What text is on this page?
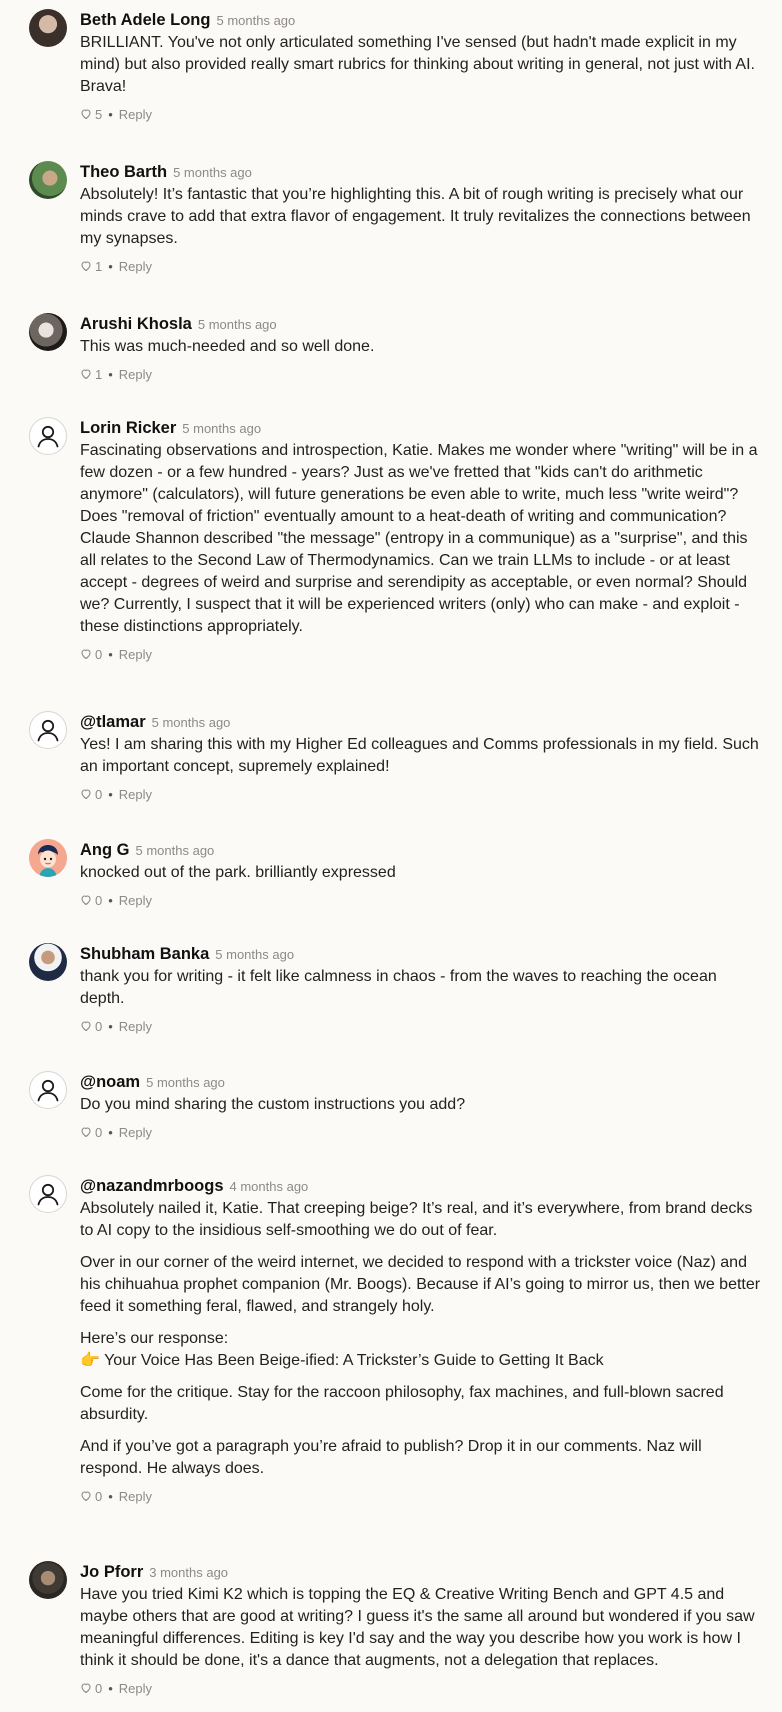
Beth Adele Long 5 months ago

BRILLIANT. You've not only articulated something I've sensed (but hadn't made explicit in my mind) but also provided really smart rubrics for thinking about writing in general, not just with AI. Brava!

5 • Reply
Theo Barth 5 months ago

Absolutely! It’s fantastic that you’re highlighting this. A bit of rough writing is precisely what our minds crave to add that extra flavor of engagement. It truly revitalizes the connections between my synapses.

1 • Reply
Arushi Khosla 5 months ago

This was much-needed and so well done.

1 • Reply
Lorin Ricker 5 months ago

Fascinating observations and introspection, Katie. Makes me wonder where "writing" will be in a few dozen - or a few hundred - years? Just as we've fretted that "kids can't do arithmetic anymore" (calculators), will future generations be even able to write, much less "write weird"? Does "removal of friction" eventually amount to a heat-death of writing and communication? Claude Shannon described "the message" (entropy in a communique) as a "surprise", and this all relates to the Second Law of Thermodynamics. Can we train LLMs to include - or at least accept - degrees of weird and surprise and serendipity as acceptable, or even normal? Should we? Currently, I suspect that it will be experienced writers (only) who can make - and exploit - these distinctions appropriately.

0 • Reply
@tlamar 5 months ago

Yes! I am sharing this with my Higher Ed colleagues and Comms professionals in my field. Such an important concept, supremely explained!

0 • Reply
Ang G 5 months ago

knocked out of the park. brilliantly expressed

0 • Reply
Shubham Banka 5 months ago

thank you for writing - it felt like calmness in chaos - from the waves to reaching the ocean depth.

0 • Reply
@noam 5 months ago

Do you mind sharing the custom instructions you add?

0 • Reply
@nazandmrboogs 4 months ago

Absolutely nailed it, Katie. That creeping beige? It’s real, and it’s everywhere, from brand decks to AI copy to the insidious self-smoothing we do out of fear.

Over in our corner of the weird internet, we decided to respond with a trickster voice (Naz) and his chihuahua prophet companion (Mr. Boogs). Because if AI’s going to mirror us, then we better feed it something feral, flawed, and strangely holy.

Here’s our response:
👉 Your Voice Has Been Beige-ified: A Trickster’s Guide to Getting It Back

Come for the critique. Stay for the raccoon philosophy, fax machines, and full-blown sacred absurdity.

And if you’ve got a paragraph you’re afraid to publish? Drop it in our comments. Naz will respond. He always does.

0 • Reply
Jo Pforr 3 months ago

Have you tried Kimi K2 which is topping the EQ & Creative Writing Bench and GPT 4.5 and maybe others that are good at writing? I guess it's the same all around but wondered if you saw meaningful differences. Editing is key I'd say and the way you describe how you work is how I think it should be done, it's a dance that augments, not a delegation that replaces.

0 • Reply
